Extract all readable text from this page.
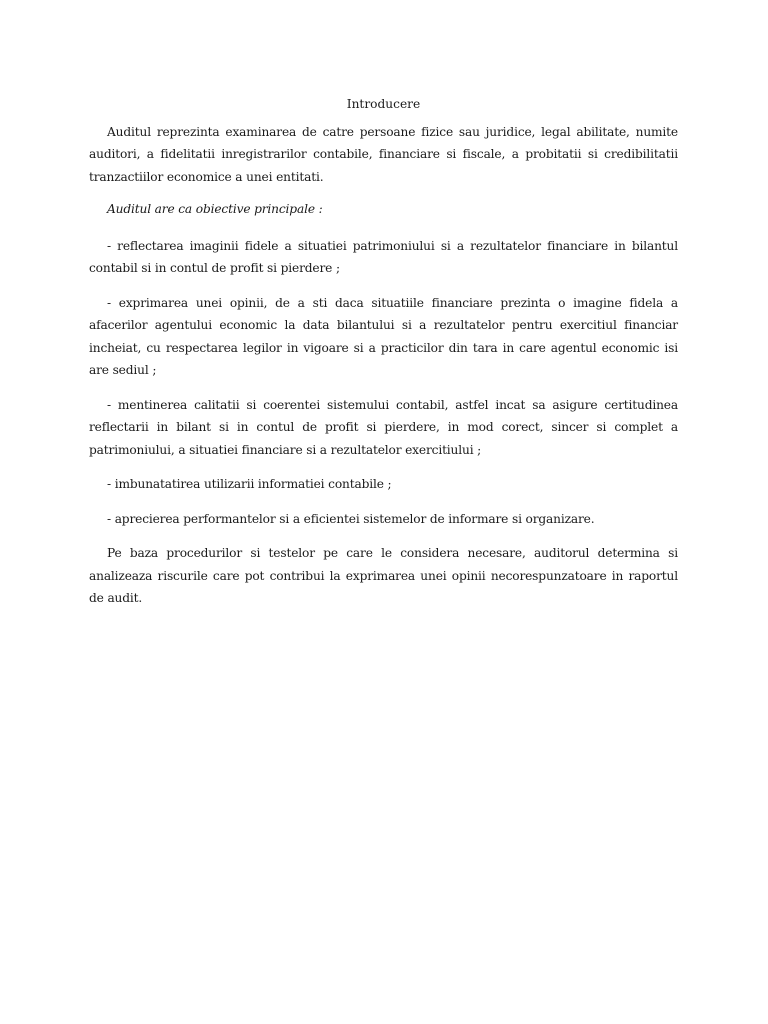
Introducere

Auditul reprezinta examinarea de catre persoane fizice sau juridice, legal abilitate, numite auditori, a fidelitatii inregistrarilor contabile, financiare si fiscale, a probitatii si credibilitatii tranzactiilor economice a unei entitati.

Auditul are ca obiective principale :

- reflectarea imaginii fidele a situatiei patrimoniului si a rezultatelor financiare in bilantul contabil si in contul de profit si pierdere ;

- exprimarea unei opinii, de a sti daca situatiile financiare prezinta o imagine fidela a afacerilor agentului economic la data bilantului si a rezultatelor pentru exercitiul financiar incheiat, cu respectarea legilor in vigoare si a practicilor din tara in care agentul economic isi are sediul ;

- mentinerea calitatii si coerentei sistemului contabil, astfel incat sa asigure certitudinea reflectarii in bilant si in contul de profit si pierdere, in mod corect, sincer si complet a patrimoniului, a situatiei financiare si a rezultatelor exercitiului ;

- imbunatatirea utilizarii informatiei contabile ;

- aprecierea performantelor si a eficientei sistemelor de informare si organizare.

Pe baza procedurilor si testelor pe care le considera necesare, auditorul determina si analizeaza riscurile care pot contribui la exprimarea unei opinii necorespunzatoare in raportul de audit.
